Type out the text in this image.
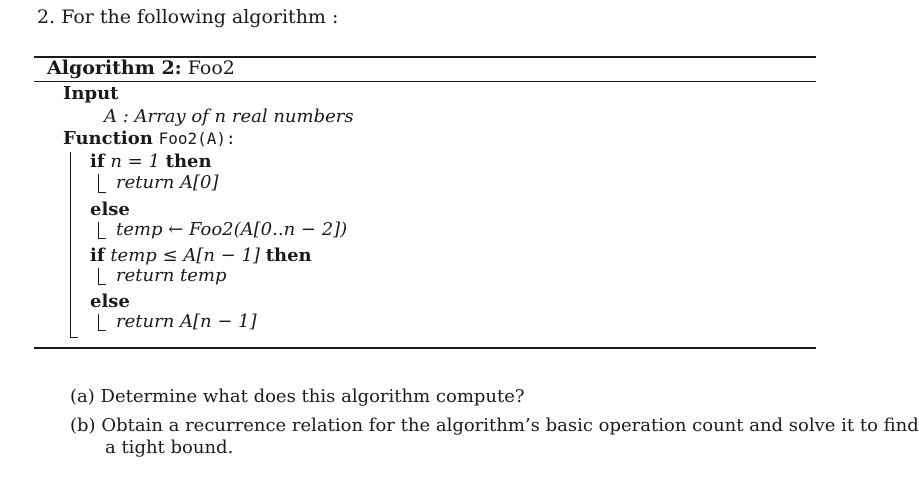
2. For the following algorithm :
Algorithm 2: Foo2
Input
A : Array of n real numbers
Function Foo2(A):
if n = 1 then
return A[0]
else
temp ← Foo2(A[0..n − 2])
if temp ≤ A[n − 1] then
return temp
else
return A[n − 1]
(a) Determine what does this algorithm compute?
(b) Obtain a recurrence relation for the algorithm’s basic operation count and solve it to find
a tight bound.
